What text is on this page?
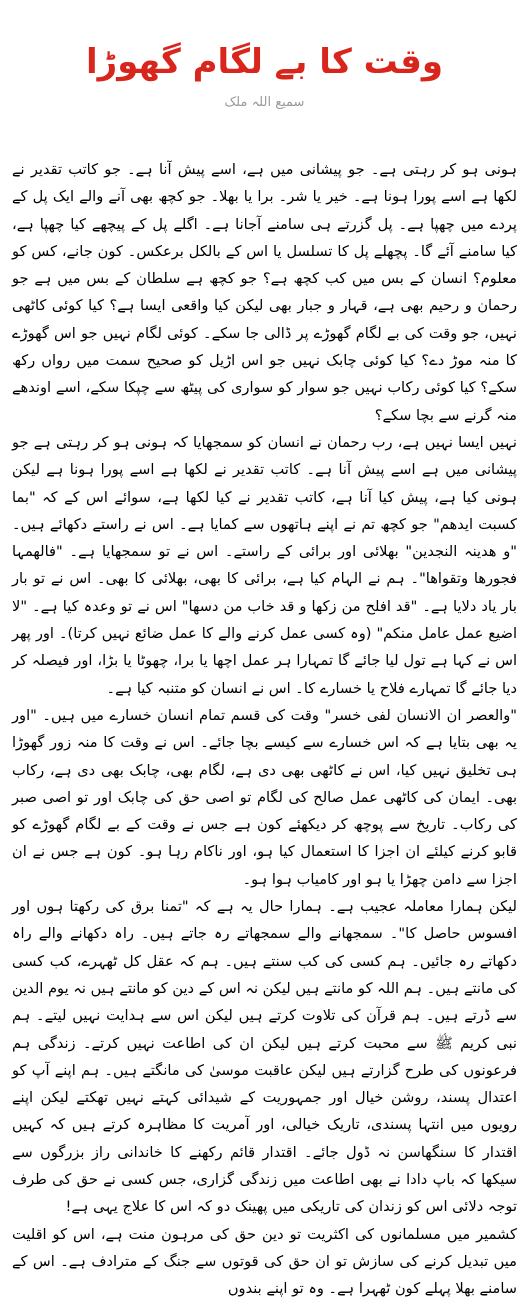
وقت کا بے لگام گھوڑا
سمیع اللہ ملک

ہونی ہو کر رہتی ہے۔ جو پیشانی میں ہے، اسے پیش آنا ہے۔ جو کاتب تقدیر نے لکھا ہے اسے پورا ہونا ہے۔ خیر یا شر۔ برا یا بھلا۔ جو کچھ بھی آنے والے ایک پل کے پردے میں چھپا ہے۔ پل گزرتے ہی سامنے آجانا ہے۔ اگلے پل کے پیچھے کیا چھپا ہے، کیا سامنے آئے گا۔ پچھلے پل کا تسلسل یا اس کے بالکل برعکس۔ کون جانے، کس کو معلوم؟ انسان کے بس میں کب کچھ ہے؟ جو کچھ ہے سلطان کے بس میں ہے جو رحمان و رحیم بھی ہے، قہار و جبار بھی لیکن کیا واقعی ایسا ہے؟ کیا کوئی کاٹھی نہیں، جو وقت کی بے لگام گھوڑے پر ڈالی جا سکے۔ کوئی لگام نہیں جو اس گھوڑے کا منہ موڑ دے؟ کیا کوئی چابک نہیں جو اس اڑیل کو صحیح سمت میں رواں رکھ سکے؟ کیا کوئی رکاب نہیں جو سوار کو سواری کی پیٹھ سے چپکا سکے، اسے اوندھے منہ گرنے سے بچا سکے؟

نہیں ایسا نہیں ہے، رب رحمان نے انسان کو سمجھایا کہ ہونی ہو کر رہتی ہے جو پیشانی میں ہے اسے پیش آنا ہے۔ کاتب تقدیر نے لکھا ہے اسے پورا ہونا ہے لیکن ہونی کیا ہے، پیش کیا آنا ہے، کاتب تقدیر نے کیا لکھا ہے، سوائے اس کے کہ "بما کسبت ایدھم" جو کچھ تم نے اپنے ہاتھوں سے کمایا ہے۔ اس نے راستے دکھائے ہیں۔ "و ھدینہ النجدین" بھلائی اور برائی کے راستے۔ اس نے تو سمجھایا ہے۔ "فالھمہا فجورھا وتقواھا"۔ ہم نے الہام کیا ہے، برائی کا بھی، بھلائی کا بھی۔ اس نے تو بار بار یاد دلایا ہے۔ "قد افلح من زکھا و قد خاب من دسھا" اس نے تو وعدہ کیا ہے۔ "لا اضیع عمل عامل منکم" (وہ کسی عمل کرنے والے کا عمل ضائع نہیں کرتا)۔ اور پھر اس نے کہا ہے تول لیا جائے گا تمہارا ہر عمل اچھا یا برا، چھوٹا یا بڑا، اور فیصلہ کر دیا جائے گا تمہارے فلاح یا خسارے کا۔ اس نے انسان کو متنبہ کیا ہے۔

"والعصر ان الانسان لفی خسر" وقت کی قسم تمام انسان خسارے میں ہیں۔ "اور یہ بھی بتایا ہے کہ اس خسارے سے کیسے بچا جائے۔ اس نے وقت کا منہ زور گھوڑا ہی تخلیق نہیں کیا، اس نے کاٹھی بھی دی ہے، لگام بھی، چابک بھی دی ہے، رکاب بھی۔ ایمان کی کاٹھی عمل صالح کی لگام تو اصی حق کی چابک اور تو اصی صبر کی رکاب۔ تاریخ سے پوچھ کر دیکھئے کون ہے جس نے وقت کے بے لگام گھوڑے کو قابو کرنے کیلئے ان اجزا کا استعمال کیا ہو، اور ناکام رہا ہو۔ کون ہے جس نے ان اجزا سے دامن چھڑا یا ہو اور کامیاب ہوا ہو۔

لیکن ہمارا معاملہ عجیب ہے۔ ہمارا حال یہ ہے کہ "تمنا برق کی رکھتا ہوں اور افسوس حاصل کا"۔ سمجھانے والے سمجھاتے رہ جاتے ہیں۔ راہ دکھانے والے راہ دکھاتے رہ جائیں۔ ہم کسی کی کب سنتے ہیں۔ ہم کہ عقل کل ٹھہرے، کب کسی کی مانتے ہیں۔ ہم اللہ کو مانتے ہیں لیکن نہ اس کے دین کو مانتے ہیں نہ یوم الدین سے ڈرتے ہیں۔ ہم قرآن کی تلاوت کرتے ہیں لیکن اس سے ہدایت نہیں لیتے۔ ہم نبی کریم ﷺ سے محبت کرتے ہیں لیکن ان کی اطاعت نہیں کرتے۔ زندگی ہم فرعونوں کی طرح گزارتے ہیں لیکن عاقبت موسیٰ کی مانگتے ہیں۔ ہم اپنے آپ کو اعتدال پسند، روشن خیال اور جمہوریت کے شیدائی کہتے نہیں تھکتے لیکن اپنے رویوں میں انتہا پسندی، تاریک خیالی، اور آمریت کا مظاہرہ کرتے ہیں کہ کہیں اقتدار کا سنگھاسن نہ ڈول جائے۔ اقتدار قائم رکھنے کا خاندانی راز بزرگوں سے سیکھا کہ باپ دادا نے بھی اطاعت میں زندگی گزاری، جس کسی نے حق کی طرف توجہ دلائی اس کو زندان کی تاریکی میں پھینک دو کہ اس کا علاج یہی ہے!

کشمیر میں مسلمانوں کی اکثریت تو دین حق کی مرہون منت ہے، اس کو اقلیت میں تبدیل کرنے کی سازش تو ان حق کی قوتوں سے جنگ کے مترادف ہے۔ اس کے سامنے بھلا پہلے کون ٹھہرا ہے۔ وہ تو اپنے بندوں
